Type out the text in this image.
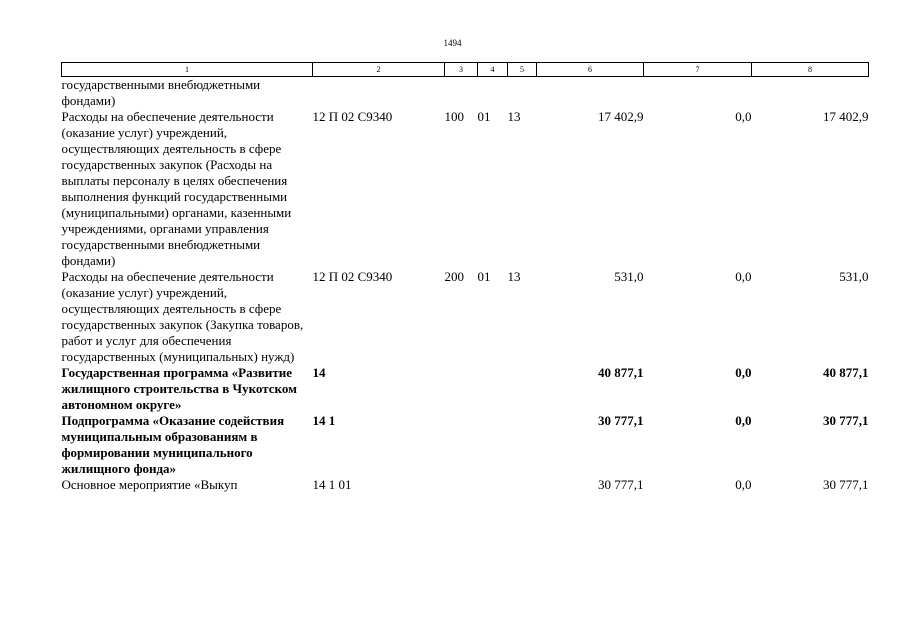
1494
1	2	3	4	5	6	7	8
государственными внебюджетными фондами)							
Расходы на обеспечение деятельности (оказание услуг) учреждений, осуществляющих деятельность в сфере государственных закупок (Расходы на выплаты персоналу в целях обеспечения выполнения функций государственными (муниципальными) органами, казенными учреждениями, органами управления государственными внебюджетными фондами)	12 П 02 С9340	100	01	13	17 402,9	0,0	17 402,9
Расходы на обеспечение деятельности (оказание услуг) учреждений, осуществляющих деятельность в сфере государственных закупок (Закупка товаров, работ и услуг для обеспечения государственных (муниципальных) нужд)	12 П 02 С9340	200	01	13	531,0	0,0	531,0
Государственная программа «Развитие жилищного строительства в Чукотском автономном округе»	14				40 877,1	0,0	40 877,1
Подпрограмма «Оказание содействия муниципальным образованиям в формировании муниципального жилищного фонда»	14 1				30 777,1	0,0	30 777,1
Основное мероприятие «Выкуп	14 1 01				30 777,1	0,0	30 777,1
